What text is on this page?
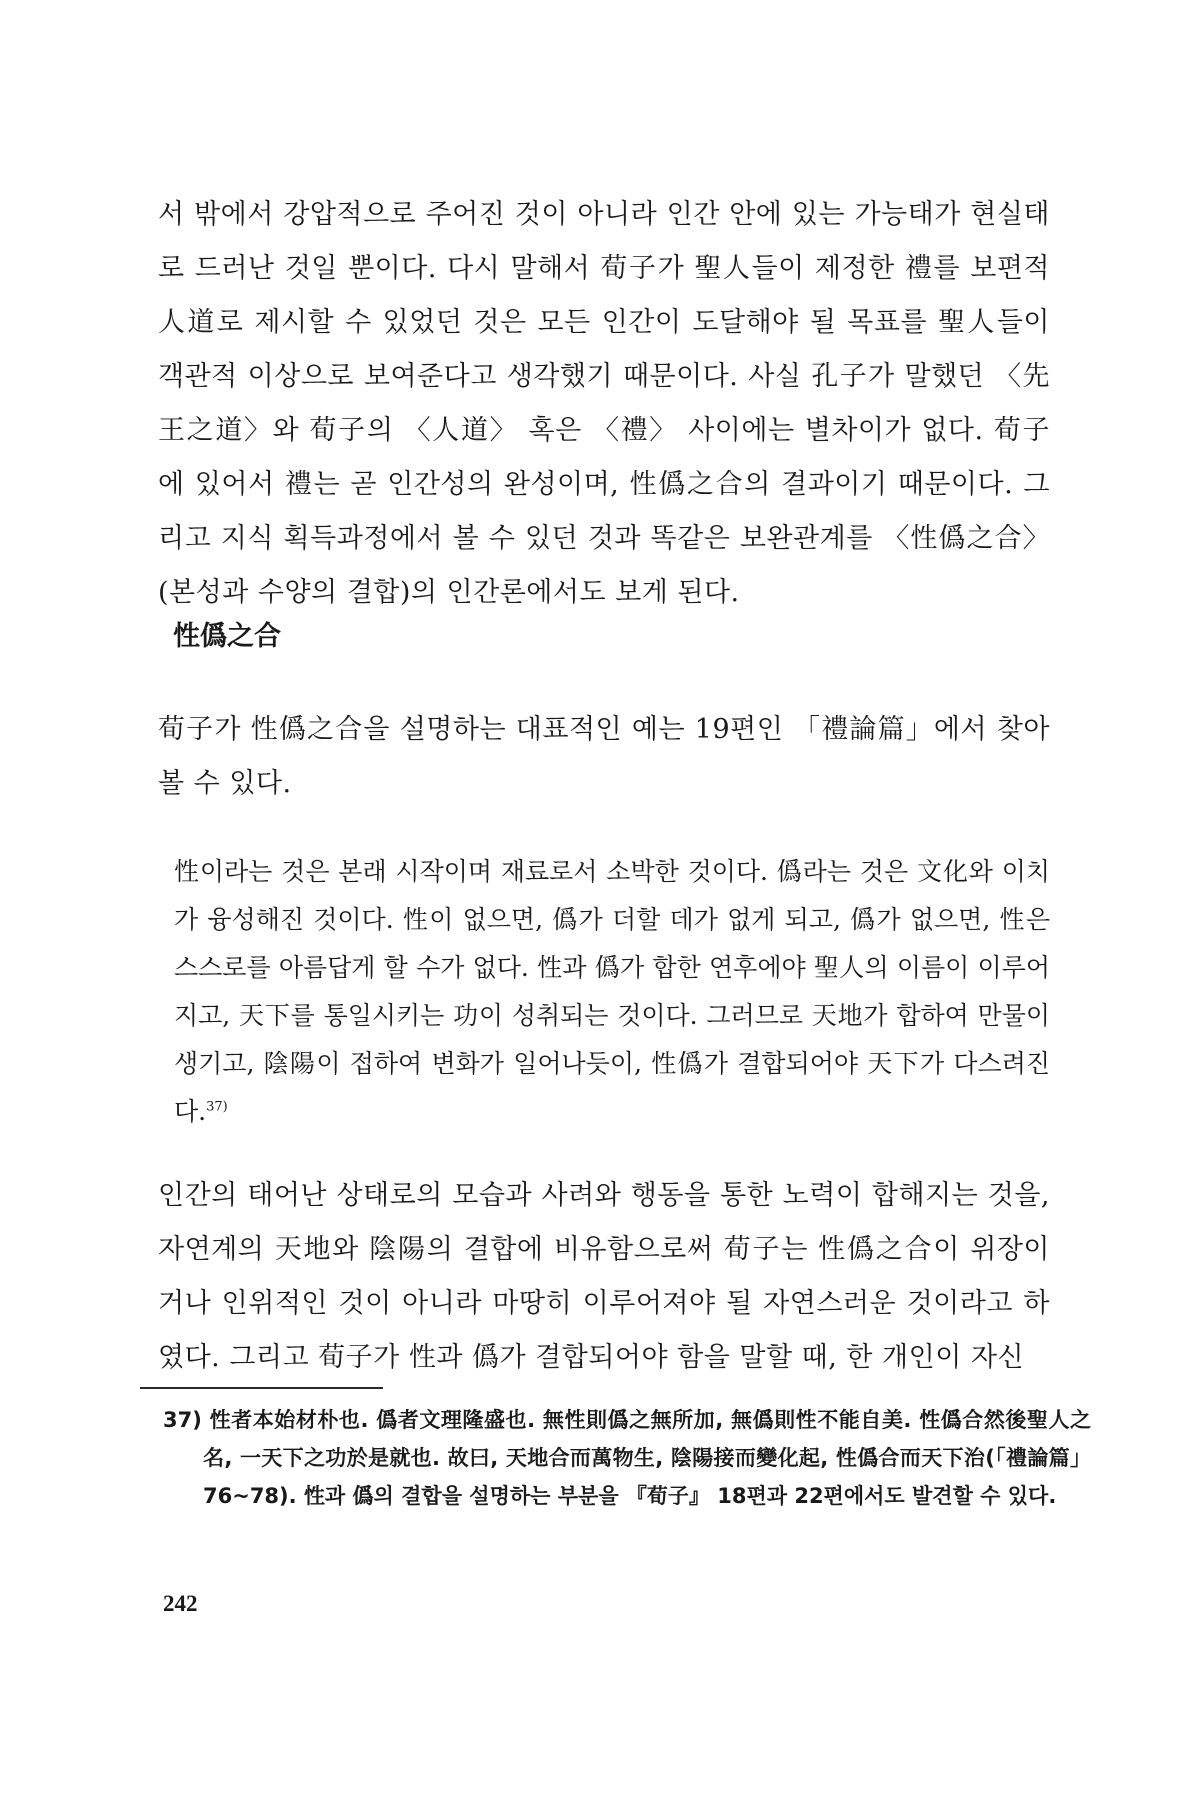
서 밖에서 강압적으로 주어진 것이 아니라 인간 안에 있는 가능태가 현실태로 드러난 것일 뿐이다. 다시 말해서 荀子가 聖人들이 제정한 禮를 보편적 人道로 제시할 수 있었던 것은 모든 인간이 도달해야 될 목표를 聖人들이 객관적 이상으로 보여준다고 생각했기 때문이다. 사실 孔子가 말했던 〈先王之道〉와 荀子의 〈人道〉 혹은 〈禮〉 사이에는 별차이가 없다. 荀子에 있어서 禮는 곧 인간성의 완성이며, 性僞之合의 결과이기 때문이다. 그리고 지식 획득과정에서 볼 수 있던 것과 똑같은 보완관계를 〈性僞之合〉(본성과 수양의 결합)의 인간론에서도 보게 된다.

性僞之合

荀子가 性僞之合을 설명하는 대표적인 예는 19편인 「禮論篇」에서 찾아볼 수 있다.

性이라는 것은 본래 시작이며 재료로서 소박한 것이다. 僞라는 것은 文化와 이치가 융성해진 것이다. 性이 없으면, 僞가 더할 데가 없게 되고, 僞가 없으면, 性은 스스로를 아름답게 할 수가 없다. 性과 僞가 합한 연후에야 聖人의 이름이 이루어지고, 天下를 통일시키는 功이 성취되는 것이다. 그러므로 天地가 합하여 만물이 생기고, 陰陽이 접하여 변화가 일어나듯이, 性僞가 결합되어야 天下가 다스려진다.$^{37)}$

인간의 태어난 상태로의 모습과 사려와 행동을 통한 노력이 합해지는 것을, 자연계의 天地와 陰陽의 결합에 비유함으로써 荀子는 性僞之合이 위장이거나 인위적인 것이 아니라 마땅히 이루어져야 될 자연스러운 것이라고 하였다. 그리고 荀子가 性과 僞가 결합되어야 함을 말할 때, 한 개인이 자신

37) 性者本始材朴也. 僞者文理隆盛也. 無性則僞之無所加, 無僞則性不能自美. 性僞合然後聖人之名, 一天下之功於是就也. 故曰, 天地合而萬物生, 陰陽接而變化起, 性僞合而天下治(「禮論篇」 76~78). 性과 僞의 결합을 설명하는 부분을 『荀子』 18편과 22편에서도 발견할 수 있다.

242
